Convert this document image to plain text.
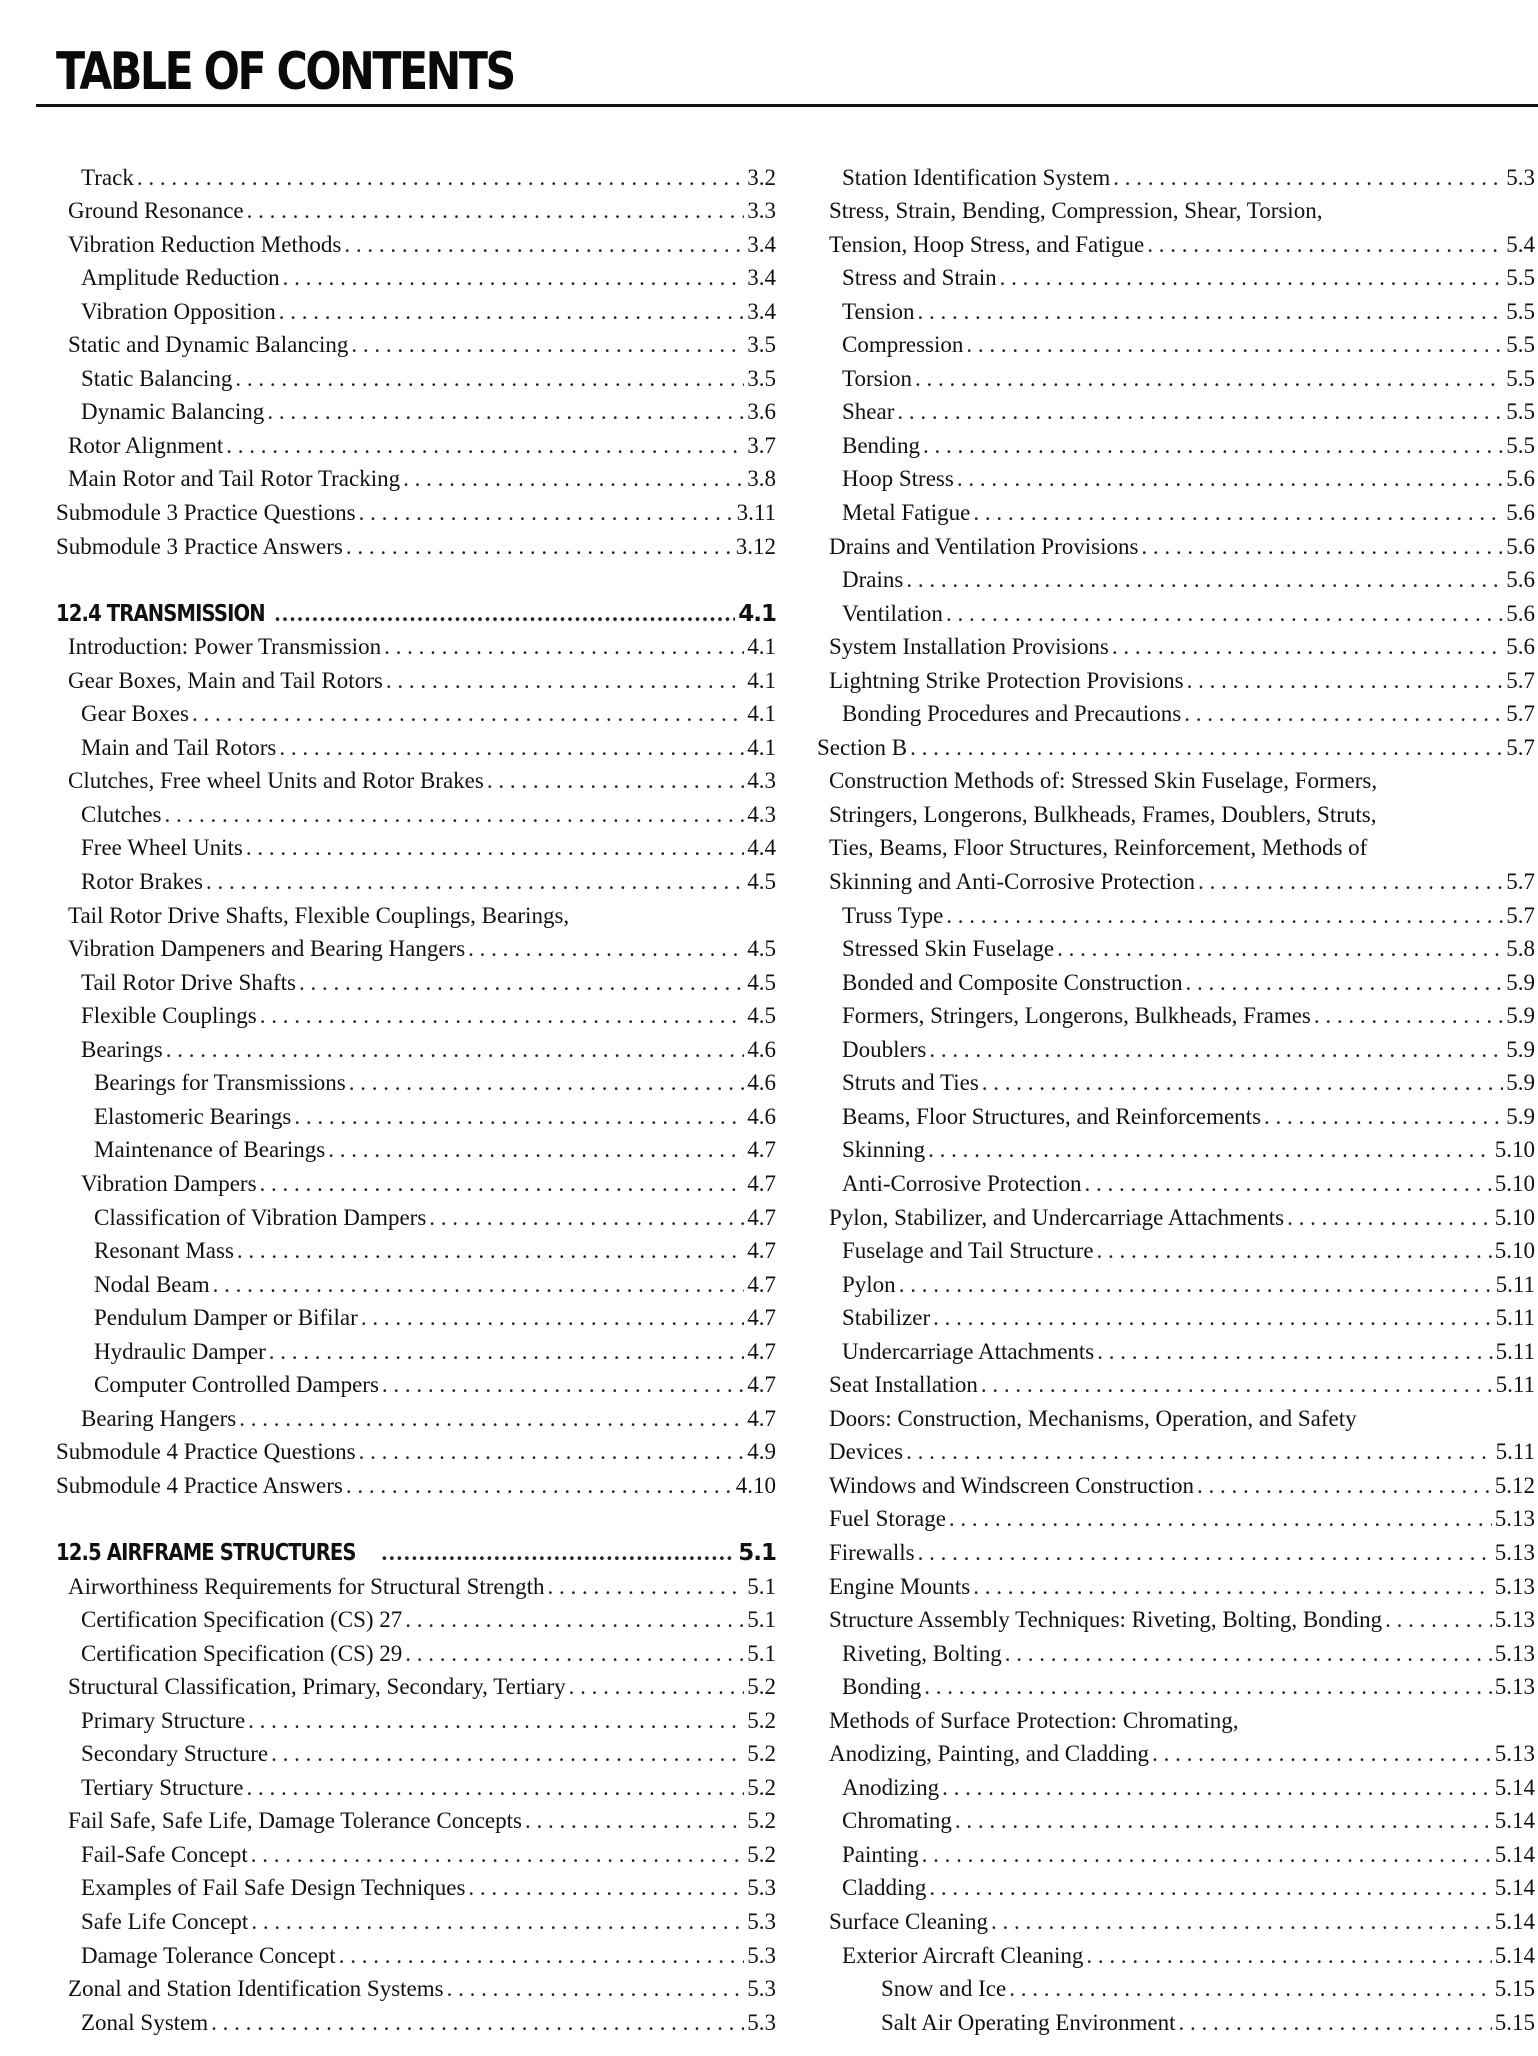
TABLE OF CONTENTS
Track . . .	3.2
Ground Resonance . . .	3.3
Vibration Reduction Methods . . .	3.4
Amplitude Reduction . . .	3.4
Vibration Opposition . . .	3.4
Static and Dynamic Balancing . . .	3.5
Static Balancing . . .	3.5
Dynamic Balancing . . .	3.6
Rotor Alignment . . .	3.7
Main Rotor and Tail Rotor Tracking . . .	3.8
Submodule 3 Practice Questions . . .	3.11
Submodule 3 Practice Answers . . .	3.12
12.4 TRANSMISSION . . .	4.1
Introduction: Power Transmission . . .	4.1
Gear Boxes, Main and Tail Rotors . . .	4.1
Gear Boxes . . .	4.1
Main and Tail Rotors . . .	4.1
Clutches, Free wheel Units and Rotor Brakes . . .	4.3
Clutches . . .	4.3
Free Wheel Units . . .	4.4
Rotor Brakes . . .	4.5
Tail Rotor Drive Shafts, Flexible Couplings, Bearings,
Vibration Dampeners and Bearing Hangers . . .	4.5
Tail Rotor Drive Shafts . . .	4.5
Flexible Couplings . . .	4.5
Bearings . . .	4.6
Bearings for Transmissions . . .	4.6
Elastomeric Bearings . . .	4.6
Maintenance of Bearings . . .	4.7
Vibration Dampers . . .	4.7
Classification of Vibration Dampers . . .	4.7
Resonant Mass . . .	4.7
Nodal Beam . . .	4.7
Pendulum Damper or Bifilar . . .	4.7
Hydraulic Damper . . .	4.7
Computer Controlled Dampers . . .	4.7
Bearing Hangers . . .	4.7
Submodule 4 Practice Questions . . .	4.9
Submodule 4 Practice Answers . . .	4.10
12.5 AIRFRAME STRUCTURES . . .	5.1
Airworthiness Requirements for Structural Strength . . .	5.1
Certification Specification (CS) 27 . . .	5.1
Certification Specification (CS) 29 . . .	5.1
Structural Classification, Primary, Secondary, Tertiary . . .	5.2
Primary Structure . . .	5.2
Secondary Structure . . .	5.2
Tertiary Structure . . .	5.2
Fail Safe, Safe Life, Damage Tolerance Concepts . . .	5.2
Fail-Safe Concept . . .	5.2
Examples of Fail Safe Design Techniques . . .	5.3
Safe Life Concept . . .	5.3
Damage Tolerance Concept . . .	5.3
Zonal and Station Identification Systems . . .	5.3
Zonal System . . .	5.3
Station Identification System . . .	5.3
Stress, Strain, Bending, Compression, Shear, Torsion,
Tension, Hoop Stress, and Fatigue . . .	5.4
Stress and Strain . . .	5.5
Tension . . .	5.5
Compression . . .	5.5
Torsion . . .	5.5
Shear . . .	5.5
Bending . . .	5.5
Hoop Stress . . .	5.6
Metal Fatigue . . .	5.6
Drains and Ventilation Provisions . . .	5.6
Drains . . .	5.6
Ventilation . . .	5.6
System Installation Provisions . . .	5.6
Lightning Strike Protection Provisions . . .	5.7
Bonding Procedures and Precautions . . .	5.7
Section B . . .	5.7
Construction Methods of: Stressed Skin Fuselage, Formers,
Stringers, Longerons, Bulkheads, Frames, Doublers, Struts,
Ties, Beams, Floor Structures, Reinforcement, Methods of
Skinning and Anti-Corrosive Protection . . .	5.7
Truss Type . . .	5.7
Stressed Skin Fuselage . . .	5.8
Bonded and Composite Construction . . .	5.9
Formers, Stringers, Longerons, Bulkheads, Frames . . .	5.9
Doublers . . .	5.9
Struts and Ties . . .	5.9
Beams, Floor Structures, and Reinforcements . . .	5.9
Skinning . . .	5.10
Anti-Corrosive Protection . . .	5.10
Pylon, Stabilizer, and Undercarriage Attachments . . .	5.10
Fuselage and Tail Structure . . .	5.10
Pylon . . .	5.11
Stabilizer . . .	5.11
Undercarriage Attachments . . .	5.11
Seat Installation . . .	5.11
Doors: Construction, Mechanisms, Operation, and Safety
Devices . . .	5.11
Windows and Windscreen Construction . . .	5.12
Fuel Storage . . .	5.13
Firewalls . . .	5.13
Engine Mounts . . .	5.13
Structure Assembly Techniques: Riveting, Bolting, Bonding . . .	5.13
Riveting, Bolting . . .	5.13
Bonding . . .	5.13
Methods of Surface Protection: Chromating,
Anodizing, Painting, and Cladding . . .	5.13
Anodizing . . .	5.14
Chromating . . .	5.14
Painting . . .	5.14
Cladding . . .	5.14
Surface Cleaning . . .	5.14
Exterior Aircraft Cleaning . . .	5.14
Snow and Ice . . .	5.15
Salt Air Operating Environment . . .	5.15
